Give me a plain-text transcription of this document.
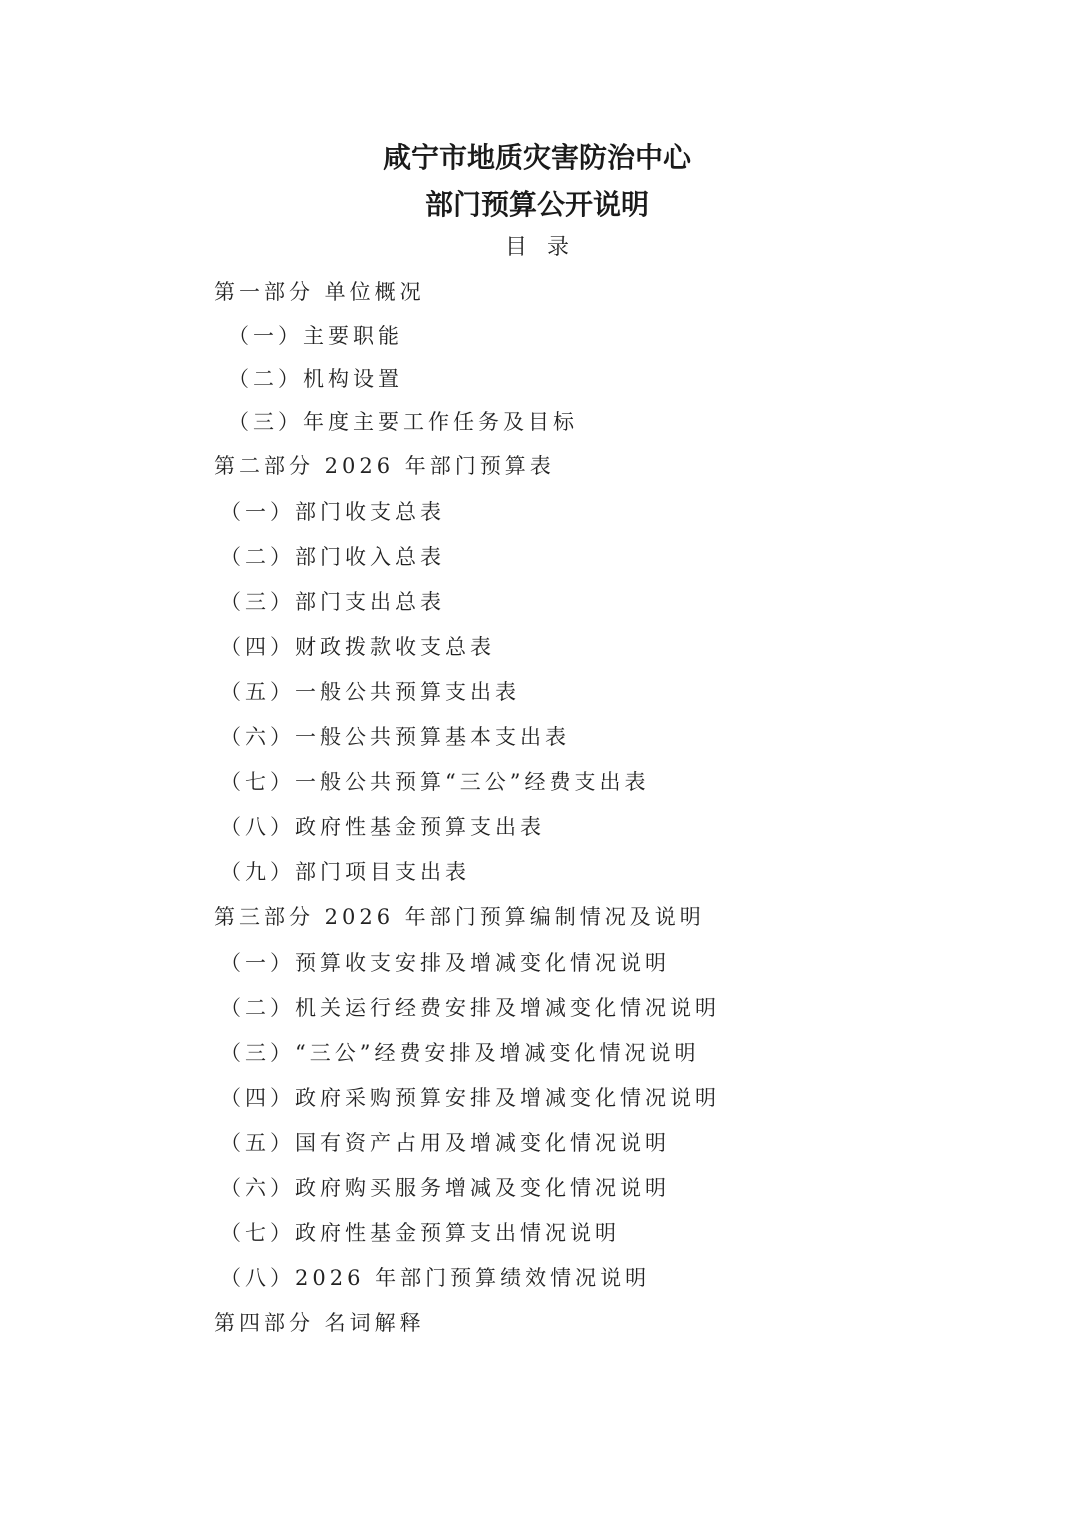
咸宁市地质灾害防治中心
部门预算公开说明
目录
第一部分 单位概况
（一）主要职能
（二）机构设置
（三）年度主要工作任务及目标
第二部分 2026 年部门预算表
（一）部门收支总表
（二）部门收入总表
（三）部门支出总表
（四）财政拨款收支总表
（五）一般公共预算支出表
（六）一般公共预算基本支出表
（七）一般公共预算“三公”经费支出表
（八）政府性基金预算支出表
（九）部门项目支出表
第三部分 2026 年部门预算编制情况及说明
（一）预算收支安排及增减变化情况说明
（二）机关运行经费安排及增减变化情况说明
（三）“三公”经费安排及增减变化情况说明
（四）政府采购预算安排及增减变化情况说明
（五）国有资产占用及增减变化情况说明
（六）政府购买服务增减及变化情况说明
（七）政府性基金预算支出情况说明
（八）2026 年部门预算绩效情况说明
第四部分 名词解释
